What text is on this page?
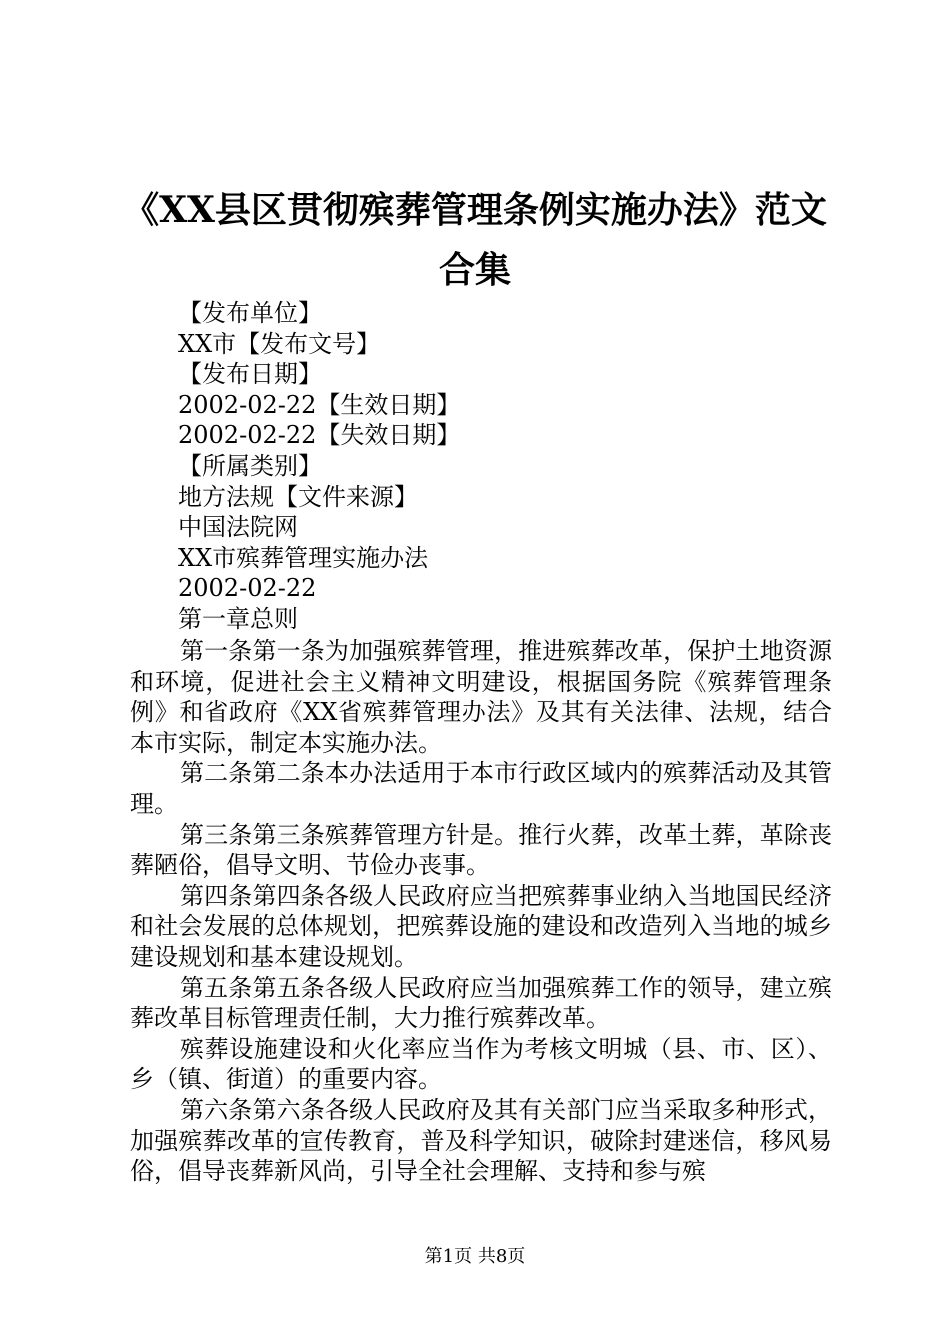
《XX县区贯彻殡葬管理条例实施办法》范文
合集
【发布单位】
XX市【发布文号】
【发布日期】
2002-02-22【生效日期】
2002-02-22【失效日期】
【所属类别】
地方法规【文件来源】
中国法院网
XX市殡葬管理实施办法
2002-02-22
第一章总则

第一条第一条为加强殡葬管理，推进殡葬改革，保护土地资源和环境，促进社会主义精神文明建设，根据国务院《殡葬管理条例》和省政府《XX省殡葬管理办法》及其有关法律、法规，结合本市实际，制定本实施办法。

第二条第二条本办法适用于本市行政区域内的殡葬活动及其管理。

第三条第三条殡葬管理方针是。推行火葬，改革土葬，革除丧葬陋俗，倡导文明、节俭办丧事。

第四条第四条各级人民政府应当把殡葬事业纳入当地国民经济和社会发展的总体规划，把殡葬设施的建设和改造列入当地的城乡建设规划和基本建设规划。

第五条第五条各级人民政府应当加强殡葬工作的领导，建立殡葬改革目标管理责任制，大力推行殡葬改革。

殡葬设施建设和火化率应当作为考核文明城（县、市、区）、乡（镇、街道）的重要内容。

第六条第六条各级人民政府及其有关部门应当采取多种形式，加强殡葬改革的宣传教育，普及科学知识，破除封建迷信，移风易俗，倡导丧葬新风尚，引导全社会理解、支持和参与殡

第1页 共8页
